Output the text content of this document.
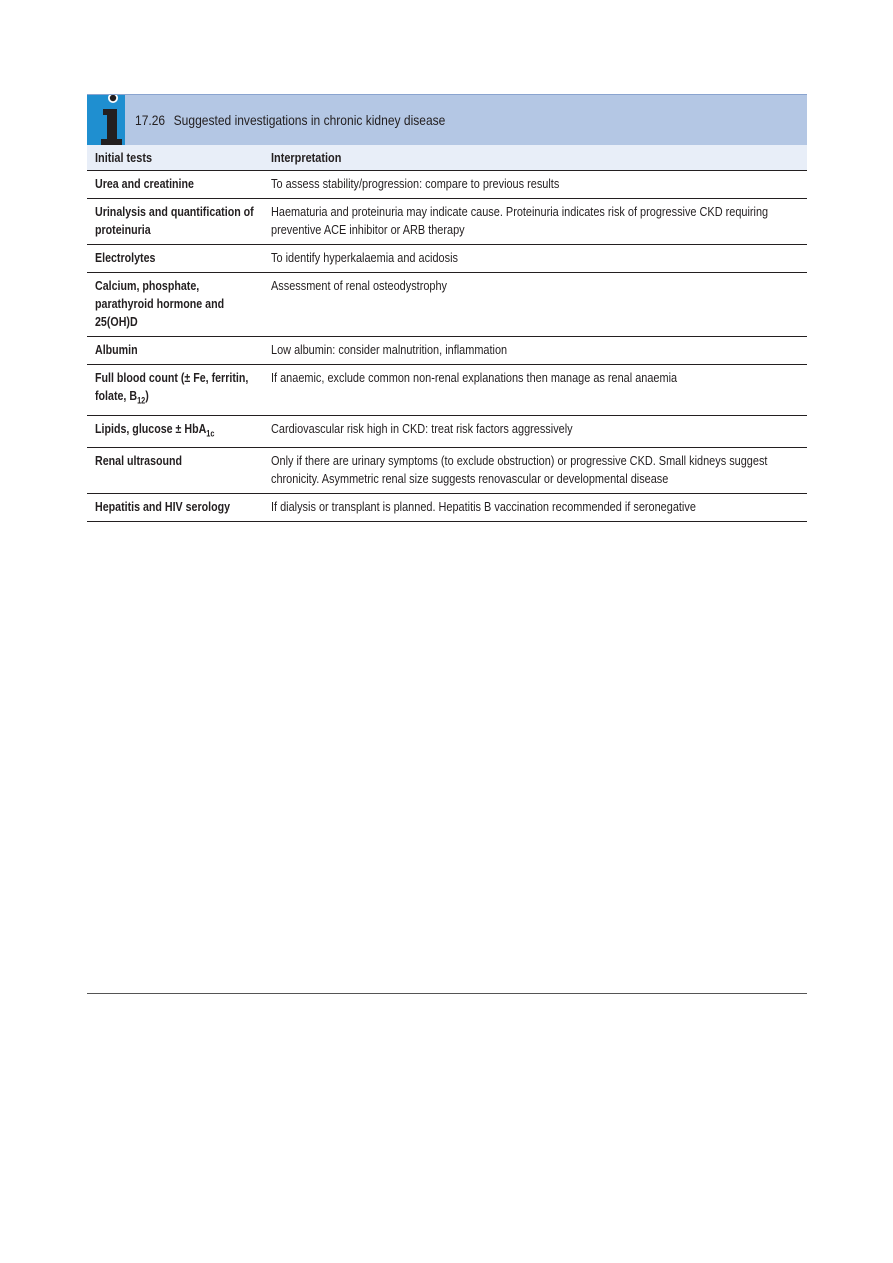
17.26 Suggested investigations in chronic kidney disease
Initial tests	Interpretation
Urea and creatinine	To assess stability/progression: compare to previous results
Urinalysis and quantification of proteinuria	Haematuria and proteinuria may indicate cause. Proteinuria indicates risk of progressive CKD requiring preventive ACE inhibitor or ARB therapy
Electrolytes	To identify hyperkalaemia and acidosis
Calcium, phosphate, parathyroid hormone and 25(OH)D	Assessment of renal osteodystrophy
Albumin	Low albumin: consider malnutrition, inflammation
Full blood count (± Fe, ferritin, folate, $B_{12}$)	If anaemic, exclude common non-renal explanations then manage as renal anaemia
Lipids, glucose ± HbA$_{1c}$	Cardiovascular risk high in CKD: treat risk factors aggressively
Renal ultrasound	Only if there are urinary symptoms (to exclude obstruction) or progressive CKD. Small kidneys suggest chronicity. Asymmetric renal size suggests renovascular or developmental disease
Hepatitis and HIV serology	If dialysis or transplant is planned. Hepatitis B vaccination recommended if seronegative
